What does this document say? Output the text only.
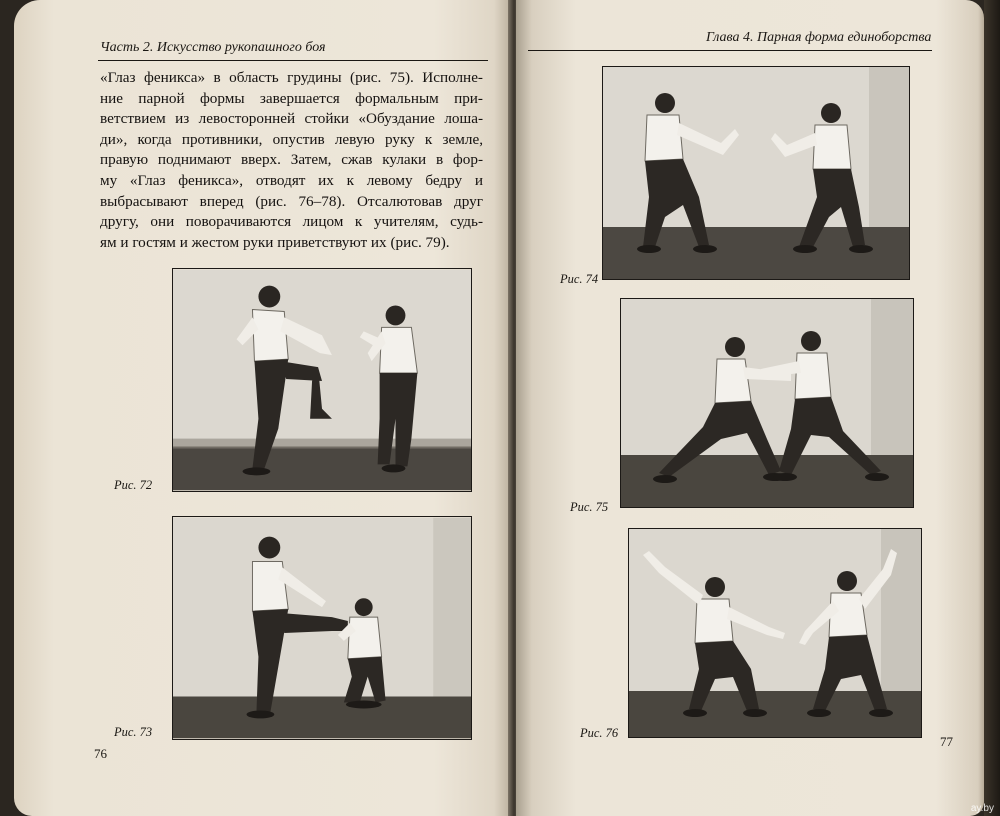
Часть 2. Искусство рукопашного боя

«Глаз феникса» в область грудины (рис. 75). Исполне-
ние парной формы завершается формальным при-
ветствием из левосторонней стойки «Обуздание лоша-
ди», когда противники, опустив левую руку к земле,
правую поднимают вверх. Затем, сжав кулаки в фор-
му «Глаз феникса», отводят их к левому бедру и
выбрасывают вперед (рис. 76–78). Отсалютовав друг
другу, они поворачиваются лицом к учителям, судь-
ям и гостям и жестом руки приветствуют их (рис. 79).

Рис. 72
Рис. 73
76
Глава 4. Парная форма единоборства
Рис. 74
Рис. 75
Рис. 76
77
ay.by
